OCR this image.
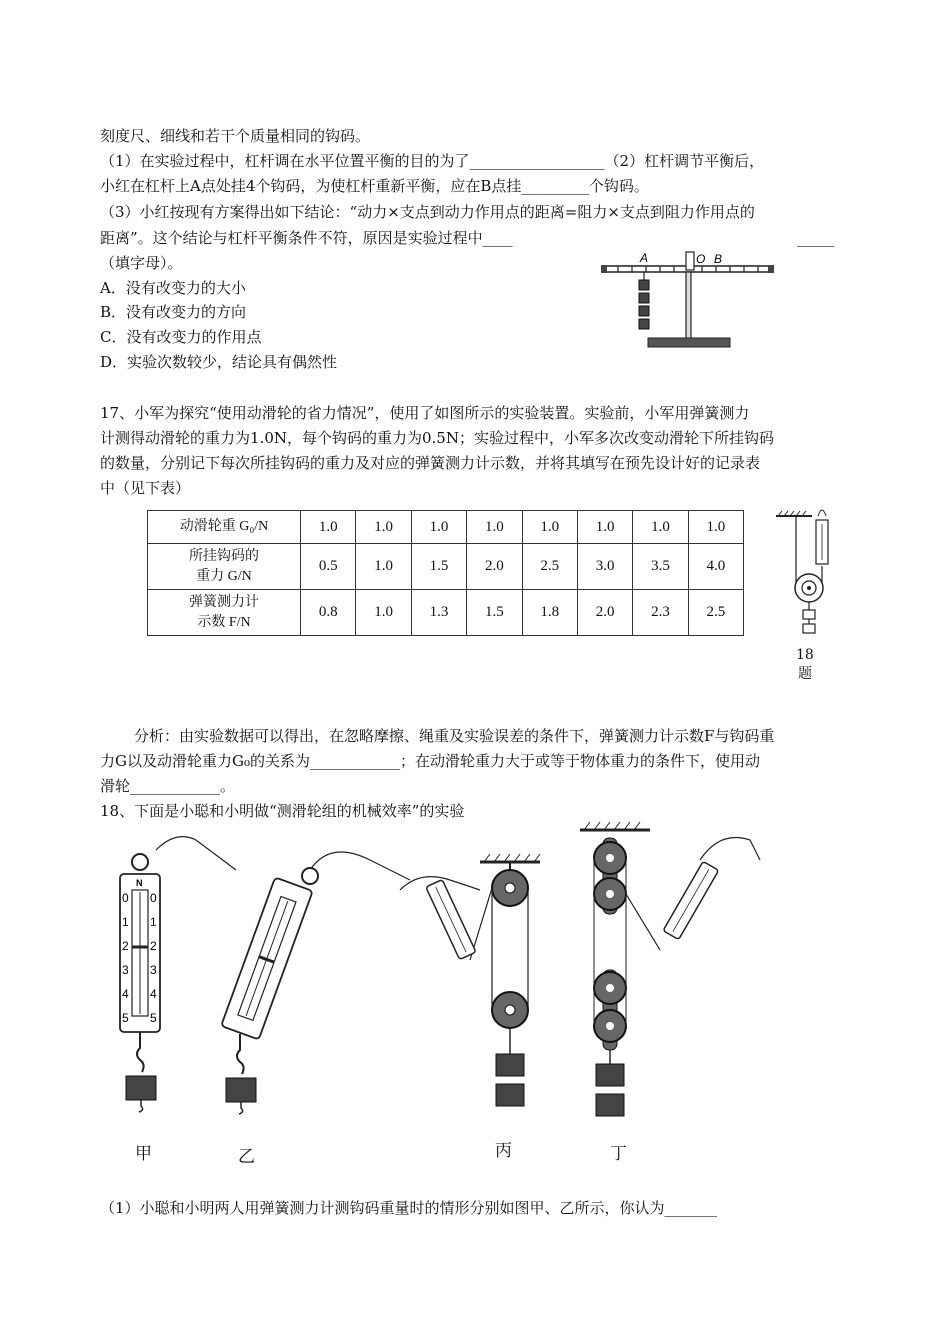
刻度尺、细线和若干个质量相同的钩码。
（1）在实验过程中，杠杆调在水平位置平衡的目的为了__________________（2）杠杆调节平衡后，
小红在杠杆上A点处挂4个钩码，为使杠杆重新平衡，应在B点挂_________个钩码。
（3）小红按现有方案得出如下结论：“动力×支点到动力作用点的距离=阻力×支点到阻力作用点的
距离”。这个结论与杠杆平衡条件不符，原因是实验过程中____	_____
（填字母）。
A．没有改变力的大小
B．没有改变力的方向
C．没有改变力的作用点
D．实验次数较少，结论具有偶然性
A	O B
17、小军为探究“使用动滑轮的省力情况”，使用了如图所示的实验装置。实验前，小军用弹簧测力
计测得动滑轮的重力为1.0N，每个钩码的重力为0.5N；实验过程中，小军多次改变动滑轮下所挂钩码
的数量，分别记下每次所挂钩码的重力及对应的弹簧测力计示数，并将其填写在预先设计好的记录表
中（见下表）
动滑轮重 G₀/N	1.0	1.0	1.0	1.0	1.0	1.0	1.0	1.0

所挂钩码的
重力 G/N	0.5	1.0	1.5	2.0	2.5	3.0	3.5	4.0

弹簧测力计
示数 F/N	0.8	1.0	1.3	1.5	1.8	2.0	2.3	2.5
18
题
分析：由实验数据可以得出，在忽略摩擦、绳重及实验误差的条件下，弹簧测力计示数F与钩码重
力G以及动滑轮重力G₀的关系为____________；在动滑轮重力大于或等于物体重力的条件下，使用动
滑轮____________。
18、下面是小聪和小明做“测滑轮组的机械效率”的实验
N
0
1
2
3
4
5
0
1
2
3
4
5
甲	乙	丙	丁
（1）小聪和小明两人用弹簧测力计测钩码重量时的情形分别如图甲、乙所示，你认为_______
